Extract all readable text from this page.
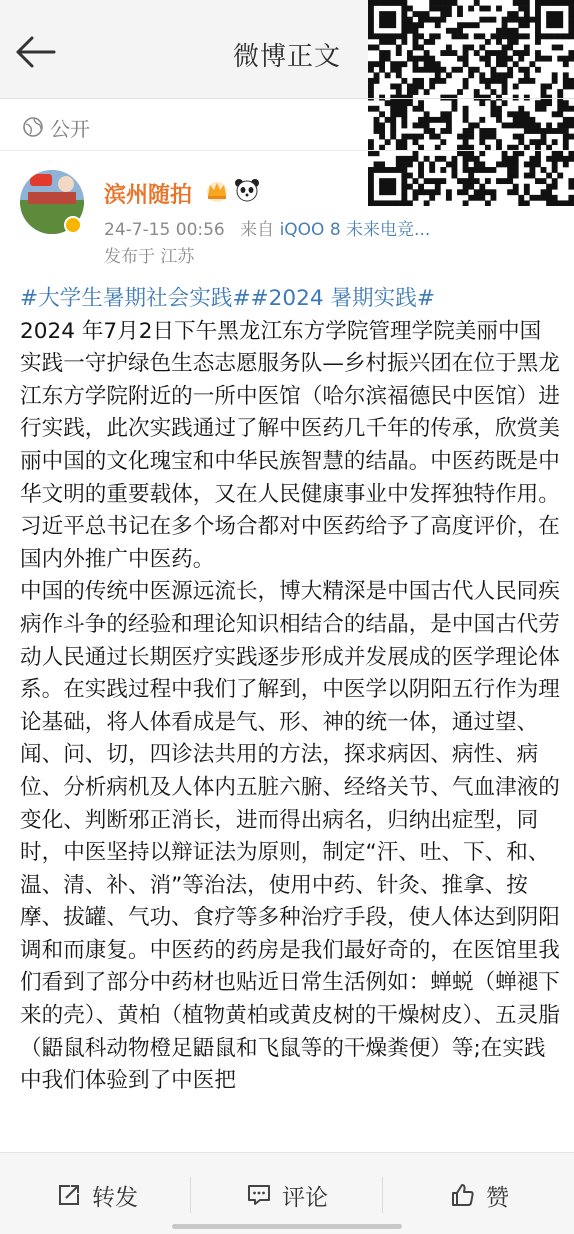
微博正文
公开
滨州随拍
24-7-15 00:56 来自 iQOO 8 未来电竞...
发布于 江苏

#大学生暑期社会实践##2024 暑期实践#

2024 年7月2日下午黑龙江东方学院管理学院美丽中国实践一守护绿色生态志愿服务队—乡村振兴团在位于黑龙江东方学院附近的一所中医馆（哈尔滨福德民中医馆）进行实践，此次实践通过了解中医药几千年的传承，欣赏美丽中国的文化瑰宝和中华民族智慧的结晶。中医药既是中华文明的重要载体，又在人民健康事业中发挥独特作用。习近平总书记在多个场合都对中医药给予了高度评价，在国内外推广中医药。

中国的传统中医源远流长，博大精深是中国古代人民同疾病作斗争的经验和理论知识相结合的结晶，是中国古代劳动人民通过长期医疗实践逐步形成并发展成的医学理论体系。在实践过程中我们了解到，中医学以阴阳五行作为理论基础，将人体看成是气、形、神的统一体，通过望、闻、问、切，四诊法共用的方法，探求病因、病性、病位、分析病机及人体内五脏六腑、经络关节、气血津液的变化、判断邪正消长，进而得出病名，归纳出症型，同时，中医坚持以辩证法为原则，制定“汗、吐、下、和、温、清、补、消”等治法，使用中药、针灸、推拿、按摩、拔罐、气功、食疗等多种治疗手段，使人体达到阴阳调和而康复。中医药的药房是我们最好奇的，在医馆里我们看到了部分中药材也贴近日常生活例如：蝉蜕（蝉褪下来的壳）、黄柏（植物黄柏或黄皮树的干燥树皮）、五灵脂（鼯鼠科动物橙足鼯鼠和飞鼠等的干燥粪便）等;在实践中我们体验到了中医把

转发	评论	赞
